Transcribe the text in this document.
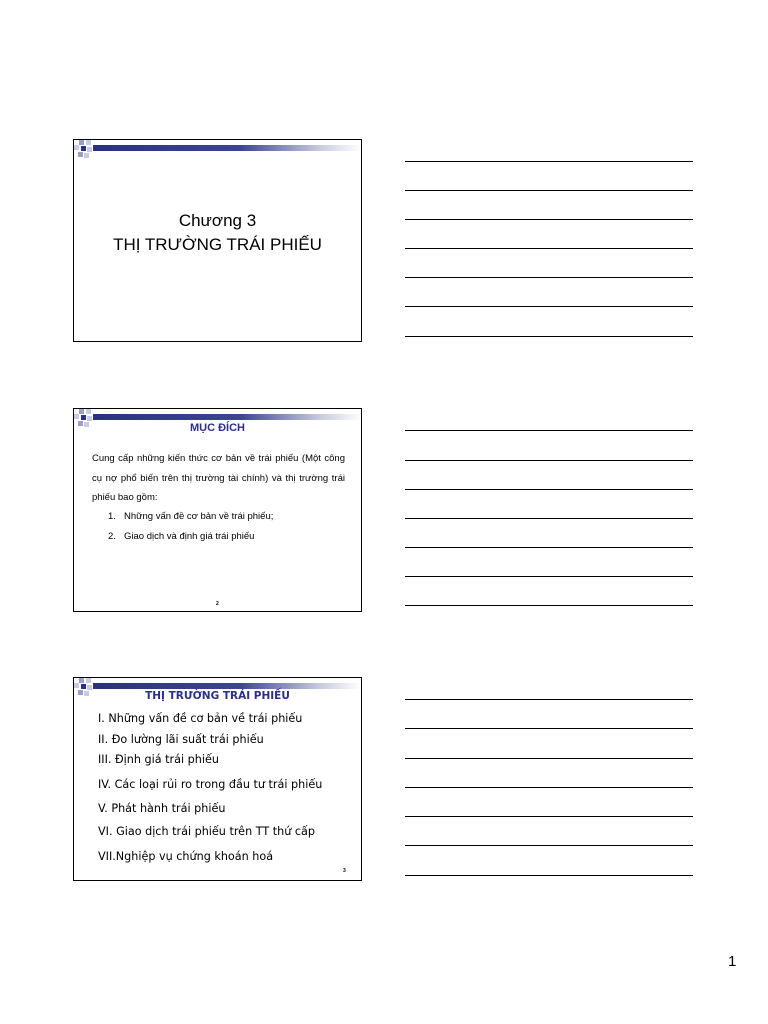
Chương 3
THỊ TRƯỜNG TRÁI PHIẾU
MỤC ĐÍCH
Cung cấp những kiến thức cơ bản về trái phiếu (Một công cụ nợ phổ biến trên thị trường tài chính) và thị trường trái phiếu bao gồm:
1. Những vấn đề cơ bản về trái phiếu;
2. Giao dịch và định giá trái phiếu
2
THỊ TRƯỜNG TRÁI PHIẾU
I. Những vấn đề cơ bản về trái phiếu
II. Đo lường lãi suất trái phiếu
III. Định giá trái phiếu
IV. Các loại rủi ro trong đầu tư trái phiếu
V. Phát hành trái phiếu
VI. Giao dịch trái phiếu trên TT thứ cấp
VII.Nghiệp vụ chứng khoán hoá
3
1
